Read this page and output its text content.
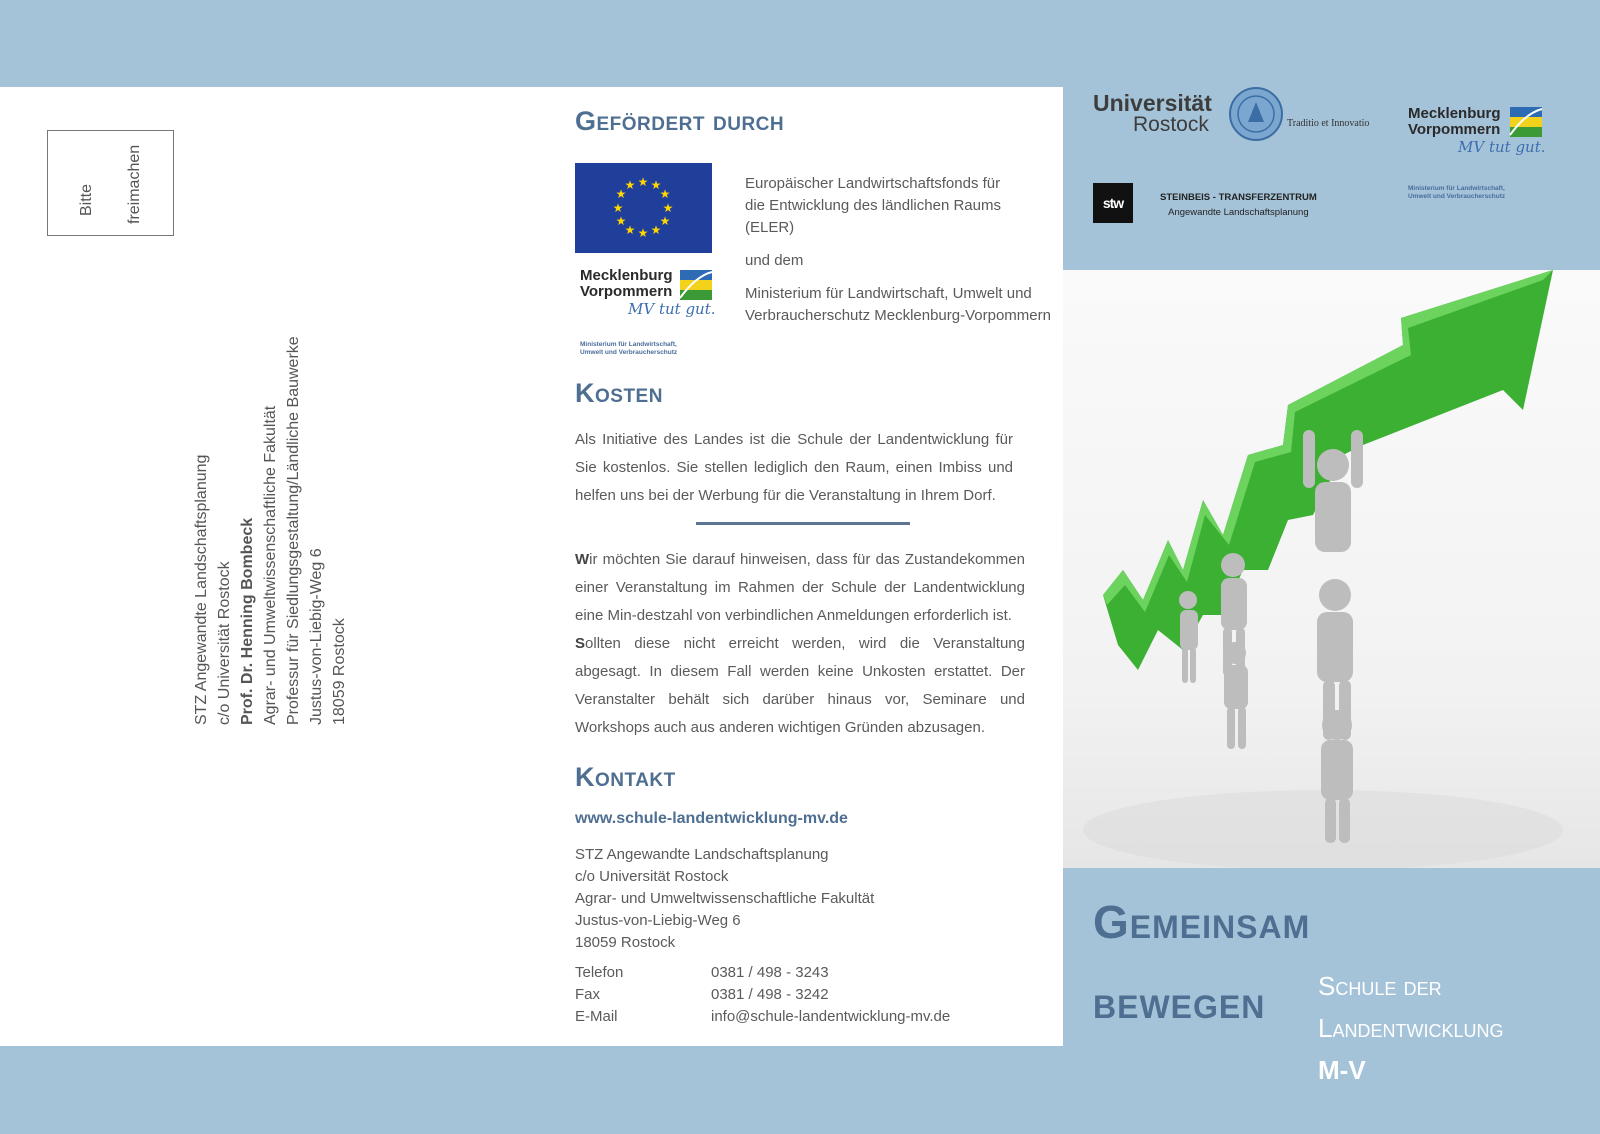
Bitte freimachen
STZ Angewandte Landschaftsplanung c/o Universität Rostock Prof. Dr. Henning Bombeck Agrar- und Umweltwissenschaftliche Fakultät Professur für Siedlungsgestaltung/Ländliche Bauwerke Justus-von-Liebig-Weg 6 18059 Rostock
Gefördert durch
★ ★
★
★
★
★
★
★
★
★
★
★
Mecklenburg
Vorpommern
MV tut gut.
Ministerium für Landwirtschaft,
Umwelt und Verbraucherschutz
Europäischer Landwirtschaftsfonds für
die Entwicklung des ländlichen Raums
(ELER)
und dem
Ministerium für Landwirtschaft, Umwelt und
Verbraucherschutz Mecklenburg-Vorpommern
Kosten
Als Initiative des Landes ist die Schule der Landentwicklung für Sie kostenlos. Sie stellen lediglich den Raum, einen Imbiss und helfen uns bei der Werbung für die Veranstaltung in Ihrem Dorf.
Wir möchten Sie darauf hinweisen, dass für das Zustandekommen einer Veranstaltung im Rahmen der Schule der Landentwicklung eine Min-destzahl von verbindlichen Anmeldungen erforderlich ist.
Sollten diese nicht erreicht werden, wird die Veranstaltung abgesagt. In diesem Fall werden keine Unkosten erstattet. Der Veranstalter behält sich darüber hinaus vor, Seminare und Workshops auch aus anderen wichtigen Gründen abzusagen.
Kontakt
www.schule-landentwicklung-mv.de
STZ Angewandte Landschaftsplanung
c/o Universität Rostock
Agrar- und Umweltwissenschaftliche Fakultät
Justus-von-Liebig-Weg 6
18059 Rostock
Telefon
Fax
E-Mail
0381 / 498 - 3243
0381 / 498 - 3242
info@schule-landentwicklung-mv.de
Universität
Rostock	Traditio et Innovatio
Mecklenburg
Vorpommern
MV tut gut.
Ministerium für Landwirtschaft,
Umwelt und Verbraucherschutz
stw	STEINBEIS - TRANSFERZENTRUM
Angewandte Landschaftsplanung
Gemeinsam
bewegen Schule der
Landentwicklung
M-V
